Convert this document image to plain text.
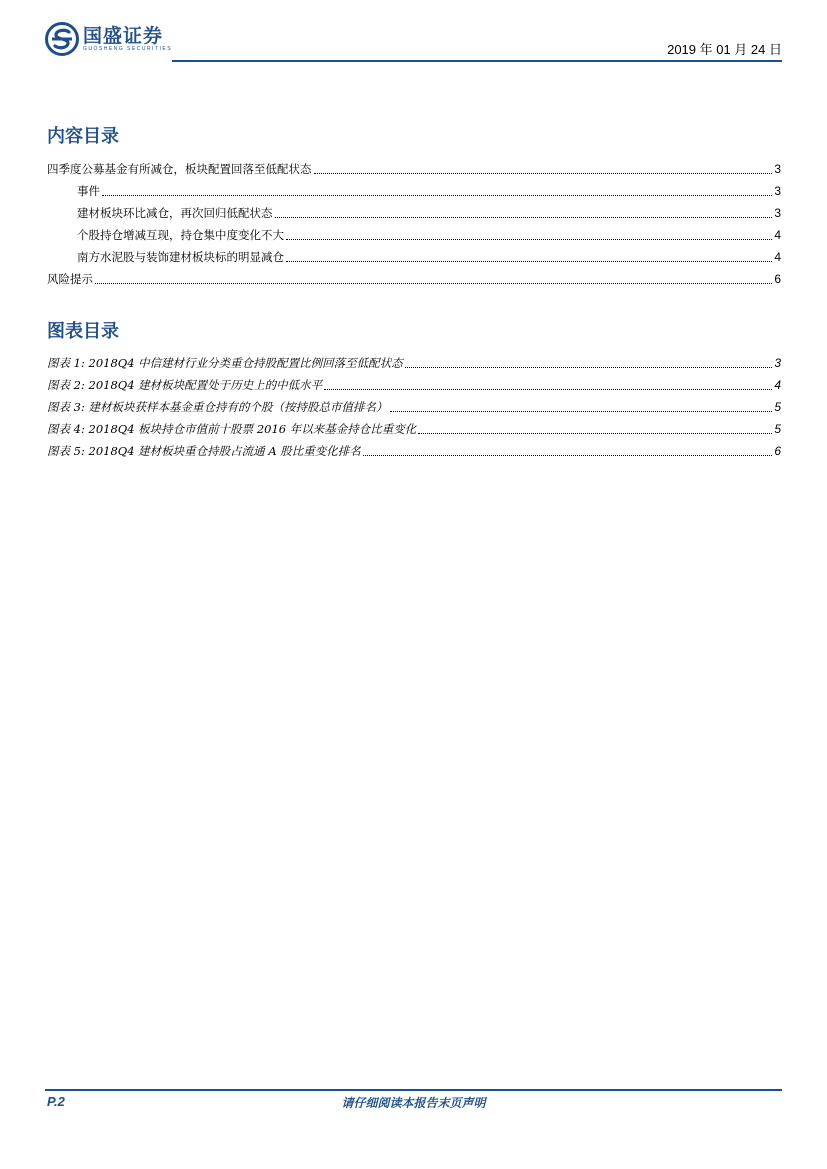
国盛证券
GUOSHENG SECURITIES	2019 年 01 月 24 日
内容目录
四季度公募基金有所减仓，板块配置回落至低配状态	3
事件	3
建材板块环比减仓，再次回归低配状态	3
个股持仓增减互现，持仓集中度变化不大	4
南方水泥股与装饰建材板块标的明显减仓	4
风险提示	6
图表目录
图表 1: 2018Q4 中信建材行业分类重仓持股配置比例回落至低配状态	3
图表 2: 2018Q4 建材板块配置处于历史上的中低水平	4
图表 3: 建材板块获样本基金重仓持有的个股（按持股总市值排名）	5
图表 4: 2018Q4 板块持仓市值前十股票 2016 年以来基金持仓比重变化	5
图表 5: 2018Q4 建材板块重仓持股占流通 A 股比重变化排名	6
P.2	请仔细阅读本报告末页声明
